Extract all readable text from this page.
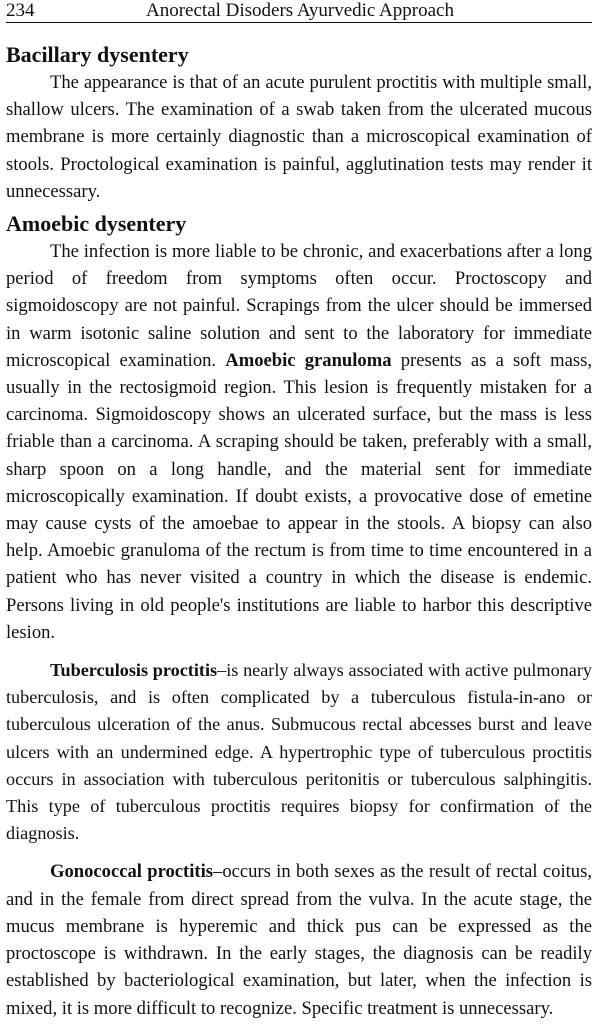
234	Anorectal Disoders Ayurvedic Approach
Bacillary dysentery

The appearance is that of an acute purulent proctitis with multiple small, shallow ulcers. The examination of a swab taken from the ulcerated mucous membrane is more certainly diagnostic than a microscopical examination of stools. Proctological examination is painful, agglutination tests may render it unnecessary.

Amoebic dysentery

The infection is more liable to be chronic, and exacerbations after a long period of freedom from symptoms often occur. Proctoscopy and sigmoidoscopy are not painful. Scrapings from the ulcer should be immersed in warm isotonic saline solution and sent to the laboratory for immediate microscopical examination. Amoebic granuloma presents as a soft mass, usually in the rectosigmoid region. This lesion is frequently mistaken for a carcinoma. Sigmoidoscopy shows an ulcerated surface, but the mass is less friable than a carcinoma. A scraping should be taken, preferably with a small, sharp spoon on a long handle, and the material sent for immediate microscopically examination. If doubt exists, a provocative dose of emetine may cause cysts of the amoebae to appear in the stools. A biopsy can also help. Amoebic granuloma of the rectum is from time to time encountered in a patient who has never visited a country in which the disease is endemic. Persons living in old people's institutions are liable to harbor this descriptive lesion.

Tuberculosis proctitis–is nearly always associated with active pulmonary tuberculosis, and is often complicated by a tuberculous fistula-in-ano or tuberculous ulceration of the anus. Submucous rectal abcesses burst and leave ulcers with an undermined edge. A hypertrophic type of tuberculous proctitis occurs in association with tuberculous peritonitis or tuberculous salphingitis. This type of tuberculous proctitis requires biopsy for confirmation of the diagnosis.

Gonococcal proctitis–occurs in both sexes as the result of rectal coitus, and in the female from direct spread from the vulva. In the acute stage, the mucus membrane is hyperemic and thick pus can be expressed as the proctoscope is withdrawn. In the early stages, the diagnosis can be readily established by bacteriological examination, but later, when the infection is mixed, it is more difficult to recognize. Specific treatment is unnecessary.
